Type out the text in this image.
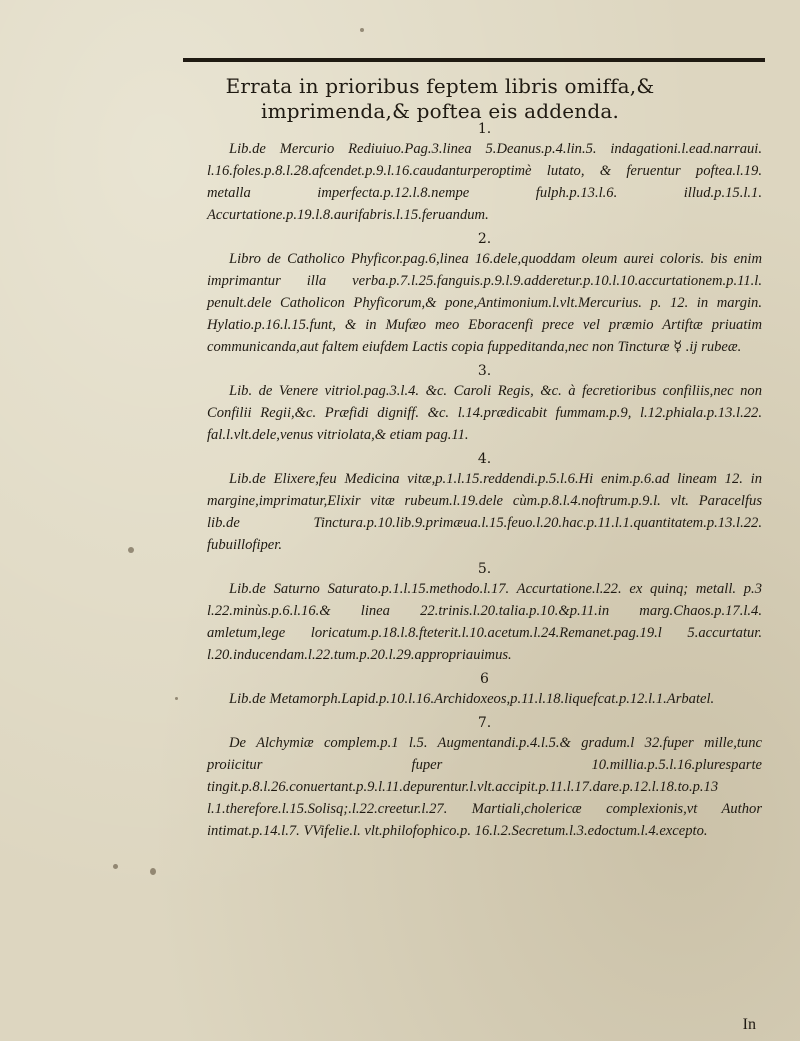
Errata in prioribus feptem libris omiffa,& imprimenda,& poftea eis addenda.
1.

Lib.de Mercurio Rediuiuo.Pag.3.linea 5.Deanus.p.4.lin.5. indagationi.l.ead.narraui. l.16.foles.p.8.l.28.afcendet.p.9.l.16.caudanturperoptimè lutato, & feruentur poftea.l.19. metalla imperfecta.p.12.l.8.nempe fulph.p.13.l.6. illud.p.15.l.1. Accurtatione.p.19.l.8.aurifabris.l.15.feruandum.

2.

Libro de Catholico Phyficor.pag.6,linea 16.dele,quoddam oleum aurei coloris. bis enim imprimantur illa verba.p.7.l.25.fanguis.p.9.l.9.adderetur.p.10.l.10.accurtationem.p.11.l. penult.dele Catholicon Phyficorum,& pone,Antimonium.l.vlt.Mercurius. p. 12. in margin. Hylatio.p.16.l.15.funt, & in Mufæo meo Eboracenfi prece vel præmio Artiftæ priuatim communicanda,aut faltem eiufdem Lactis copia fuppeditanda,nec non Tincturæ ☿ .ij rubeæ.

3.

Lib. de Venere vitriol.pag.3.l.4. &c. Caroli Regis, &c. à fecretioribus confiliis,nec non Confilii Regii,&c. Præfidi digniff. &c. l.14.prædicabit fummam.p.9, l.12.phiala.p.13.l.22. fal.l.vlt.dele,venus vitriolata,& etiam pag.11.

4.

Lib.de Elixere,feu Medicina vitæ,p.1.l.15.reddendi.p.5.l.6.Hi enim.p.6.ad lineam 12. in margine,imprimatur,Elixir vitæ rubeum.l.19.dele cùm.p.8.l.4.noftrum.p.9.l. vlt. Paracelfus lib.de Tinctura.p.10.lib.9.primæua.l.15.feuo.l.20.hac.p.11.l.1.quantitatem.p.13.l.22. fubuillofiper.

5.

Lib.de Saturno Saturato.p.1.l.15.methodo.l.17. Accurtatione.l.22. ex quinq; metall. p.3 l.22.minùs.p.6.l.16.& linea 22.trinis.l.20.talia.p.10.&p.11.in marg.Chaos.p.17.l.4. amletum,lege loricatum.p.18.l.8.fteterit.l.10.acetum.l.24.Remanet.pag.19.l 5.accurtatur. l.20.inducendam.l.22.tum.p.20.l.29.appropriauimus.

6

Lib.de Metamorph.Lapid.p.10.l.16.Archidoxeos,p.11.l.18.liquefcat.p.12.l.1.Arbatel.

7.

De Alchymiæ complem.p.1 l.5. Augmentandi.p.4.l.5.& gradum.l 32.fuper mille,tunc proiicitur fuper 10.millia.p.5.l.16.pluresparte tingit.p.8.l.26.conuertant.p.9.l.11.depurentur.l.vlt.accipit.p.11.l.17.dare.p.12.l.18.to.p.13 l.1.therefore.l.15.Solisq;.l.22.creetur.l.27. Martiali,cholericæ complexionis,vt Author intimat.p.14.l.7. VVifelie.l. vlt.philofophico.p. 16.l.2.Secretum.l.3.edoctum.l.4.excepto.

In
